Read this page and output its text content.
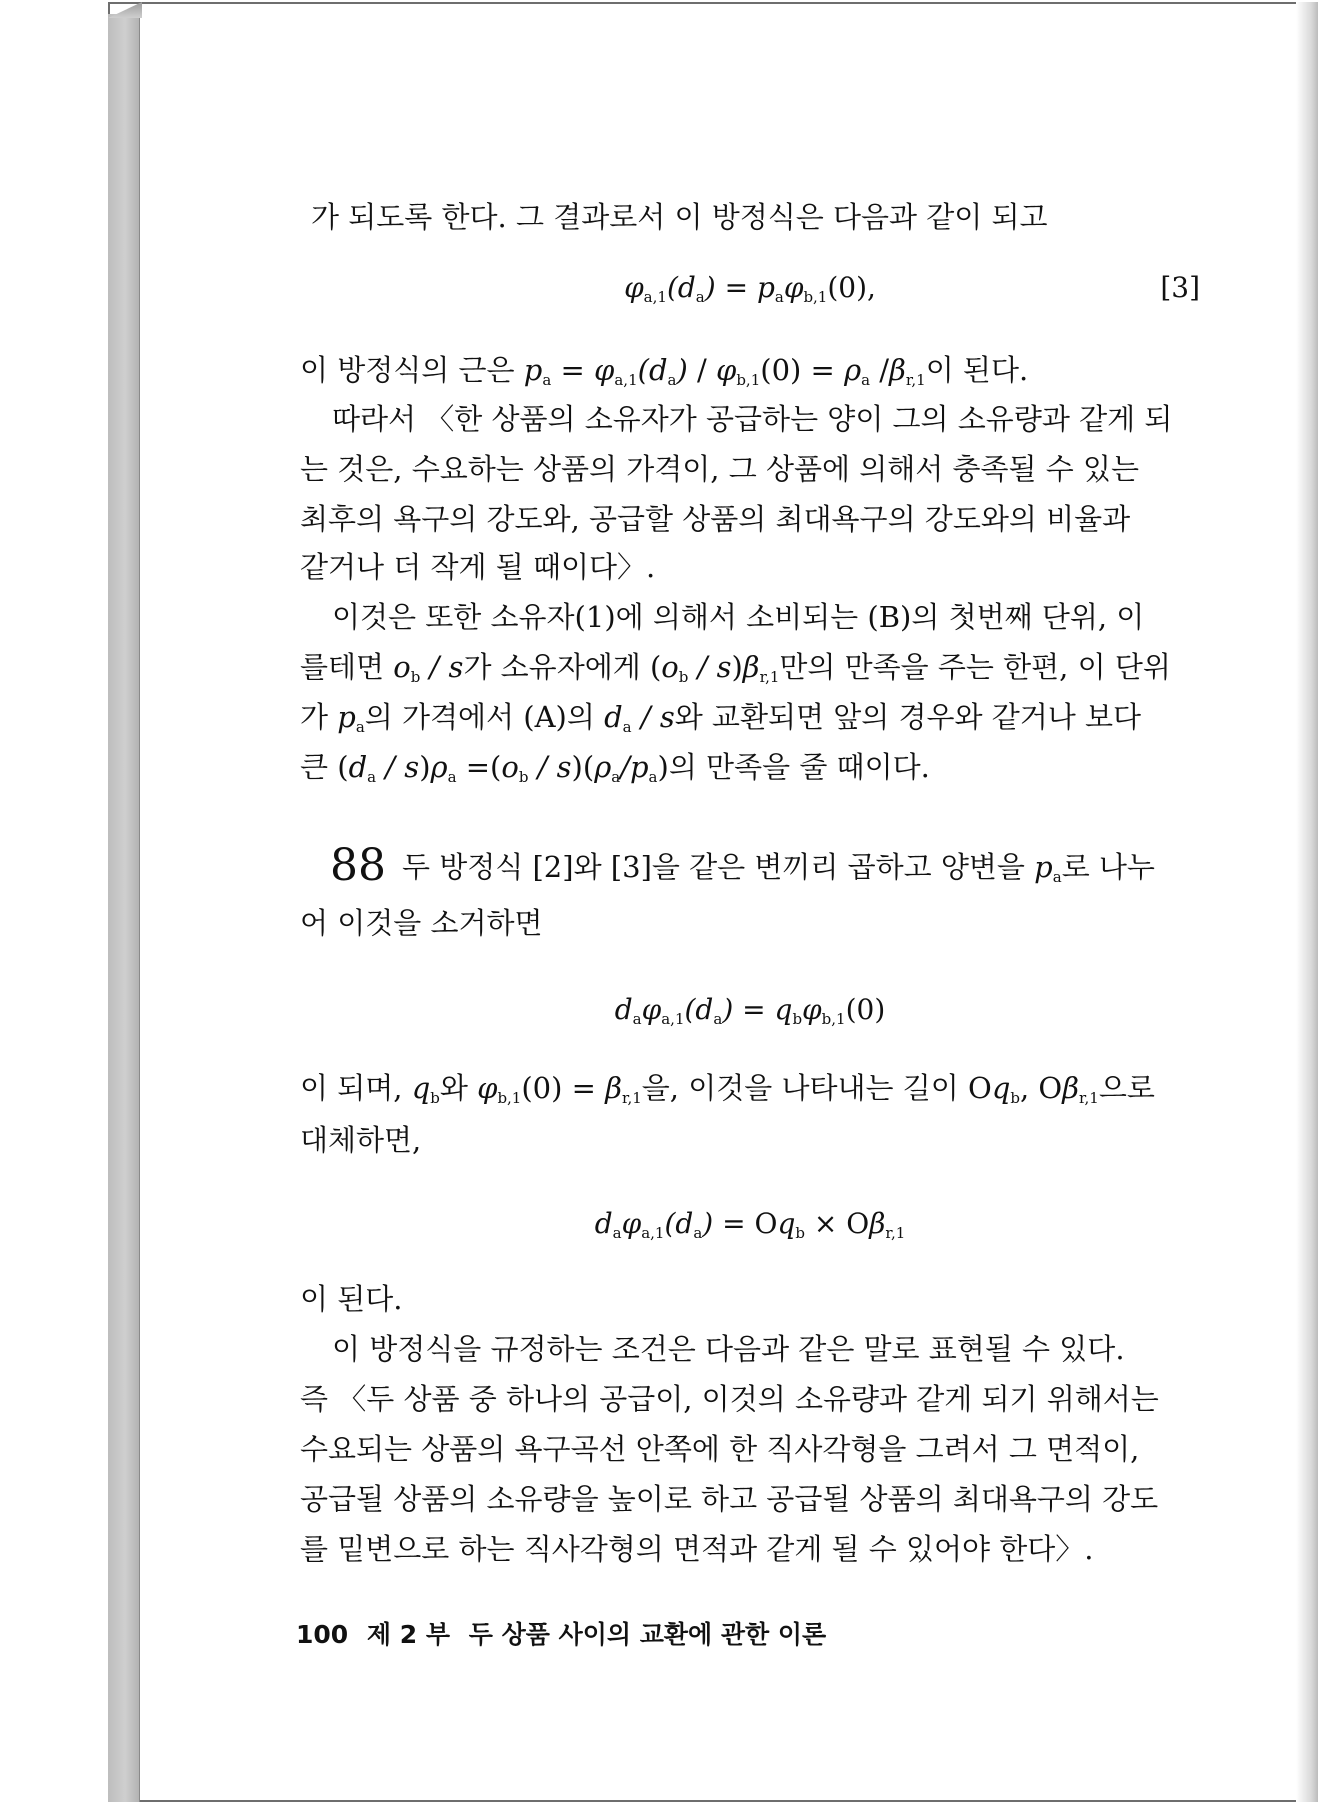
가 되도록 한다. 그 결과로서 이 방정식은 다음과 같이 되고
$\varphi_{a,1}(d_a) = p_a\varphi_{b,1}(0)$,	[3]
이 방정식의 근은 $p_a = \varphi_{a,1}(d_a) / \varphi_{b,1}(0) = \rho_a$ $/\beta_{r,1}$이 된다.
따라서 〈한 상품의 소유자가 공급하는 양이 그의 소유량과 같게 되
는 것은, 수요하는 상품의 가격이, 그 상품에 의해서 충족될 수 있는
최후의 욕구의 강도와, 공급할 상품의 최대욕구의 강도와의 비율과
같거나 더 작게 될 때이다〉.
이것은 또한 소유자(1)에 의해서 소비되는 (B)의 첫번째 단위, 이
를테면 $o_b$ / s가 소유자에게 $(o_b / s)\beta_{r,1}$만의 만족을 주는 한편, 이 단위
가 $p_a$의 가격에서 (A)의 $d_a$ / s와 교환되면 앞의 경우와 같거나 보다
큰 $(d_a / s)\rho_a =(o_b / s)(\rho_a/p_a)$의 만족을 줄 때이다.
88 두 방정식 [2]와 [3]을 같은 변끼리 곱하고 양변을 $p_a$로 나누
어 이것을 소거하면
$d_a\varphi_{a,1}(d_a) = q_b\varphi_{b,1}(0)$
이 되며, $q_b$와 $\varphi_{b,1}(0) = \beta_{r,1}$을, 이것을 나타내는 길이 $Oq_b$, $O\beta_{r,1}$으로
대체하면,
$d_a\varphi_{a,1}(d_a) = Oq_b \times O\beta_{r,1}$
이 된다.
이 방정식을 규정하는 조건은 다음과 같은 말로 표현될 수 있다.
즉 〈두 상품 중 하나의 공급이, 이것의 소유량과 같게 되기 위해서는
수요되는 상품의 욕구곡선 안쪽에 한 직사각형을 그려서 그 면적이,
공급될 상품의 소유량을 높이로 하고 공급될 상품의 최대욕구의 강도
를 밑변으로 하는 직사각형의 면적과 같게 될 수 있어야 한다〉.
100 제 2 부 두 상품 사이의 교환에 관한 이론
